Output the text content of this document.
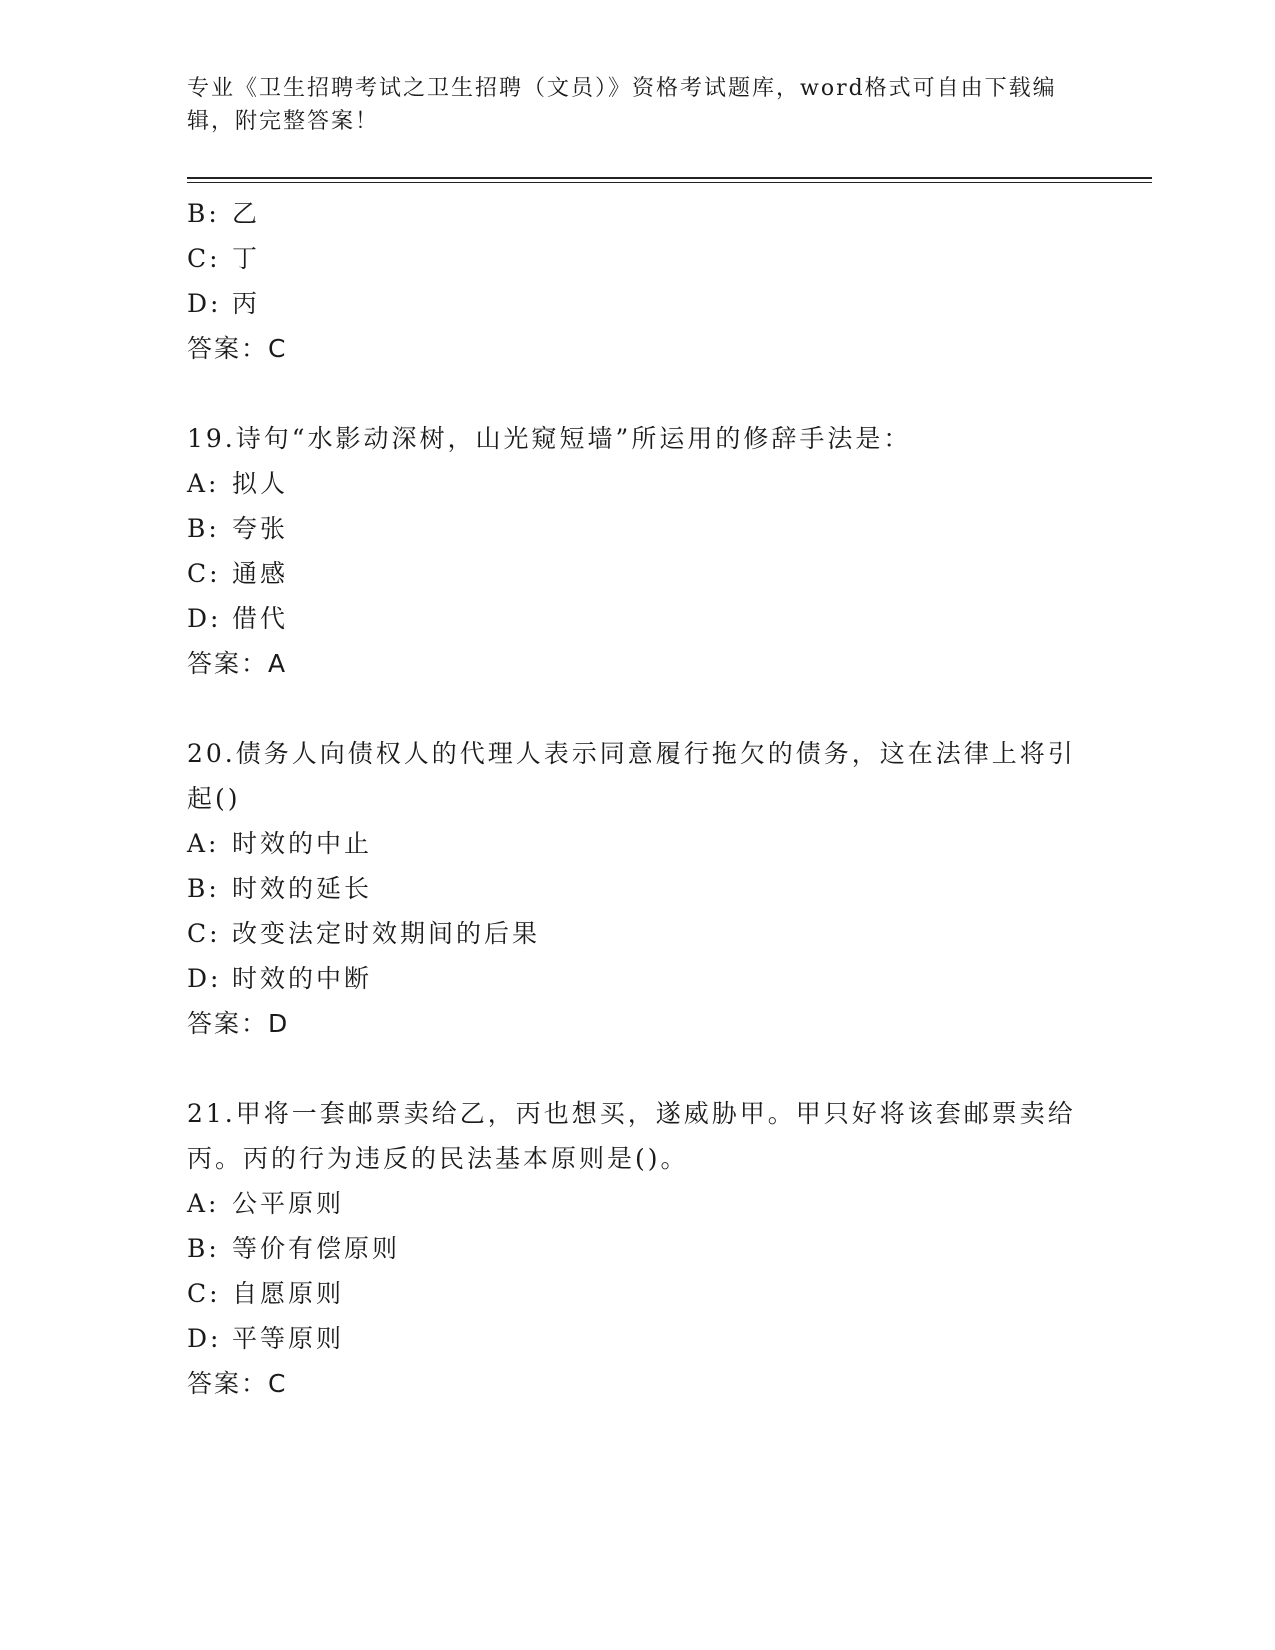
专业《卫生招聘考试之卫生招聘（文员）》资格考试题库，word格式可自由下载编辑，附完整答案！
B: 乙
C: 丁
D: 丙
答案：C
19.诗句“水影动深树，山光窥短墙”所运用的修辞手法是：
A: 拟人
B: 夸张
C: 通感
D: 借代
答案：A
20.债务人向债权人的代理人表示同意履行拖欠的债务，这在法律上将引起()
A: 时效的中止
B: 时效的延长
C: 改变法定时效期间的后果
D: 时效的中断
答案：D
21.甲将一套邮票卖给乙，丙也想买，遂威胁甲。甲只好将该套邮票卖给丙。丙的行为违反的民法基本原则是()。
A: 公平原则
B: 等价有偿原则
C: 自愿原则
D: 平等原则
答案：C
